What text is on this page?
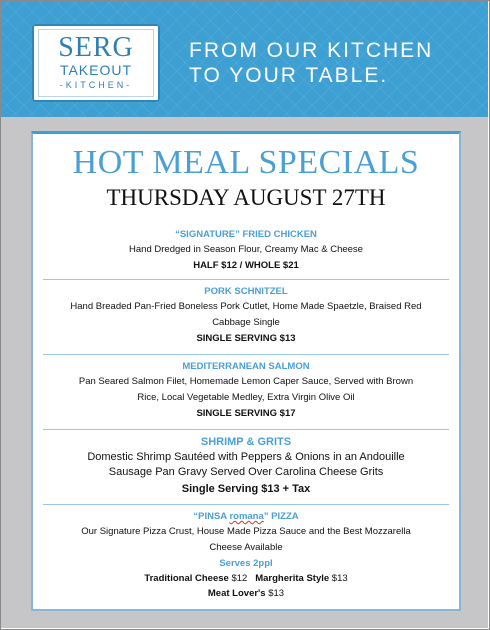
SERG
TAKEOUT
-KITCHEN-
FROM OUR KITCHEN
TO YOUR TABLE.
HOT MEAL SPECIALS
THURSDAY AUGUST 27TH
“SIGNATURE” FRIED CHICKEN
Hand Dredged in Season Flour, Creamy Mac & Cheese
HALF $12 / WHOLE $21
PORK SCHNITZEL
Hand Breaded Pan-Fried Boneless Pork Cutlet, Home Made Spaetzle, Braised Red
Cabbage Single
SINGLE SERVING $13
MEDITERRANEAN SALMON
Pan Seared Salmon Filet, Homemade Lemon Caper Sauce, Served with Brown
Rice, Local Vegetable Medley, Extra Virgin Olive Oil
SINGLE SERVING $17
SHRIMP & GRITS
Domestic Shrimp Sautéed with Peppers & Onions in an Andouille
Sausage Pan Gravy Served Over Carolina Cheese Grits
Single Serving $13 + Tax
“PINSA romana” PIZZA
Our Signature Pizza Crust, House Made Pizza Sauce and the Best Mozzarella
Cheese Available
Serves 2ppl
Traditional Cheese $12 Margherita Style $13
Meat Lover's $13
